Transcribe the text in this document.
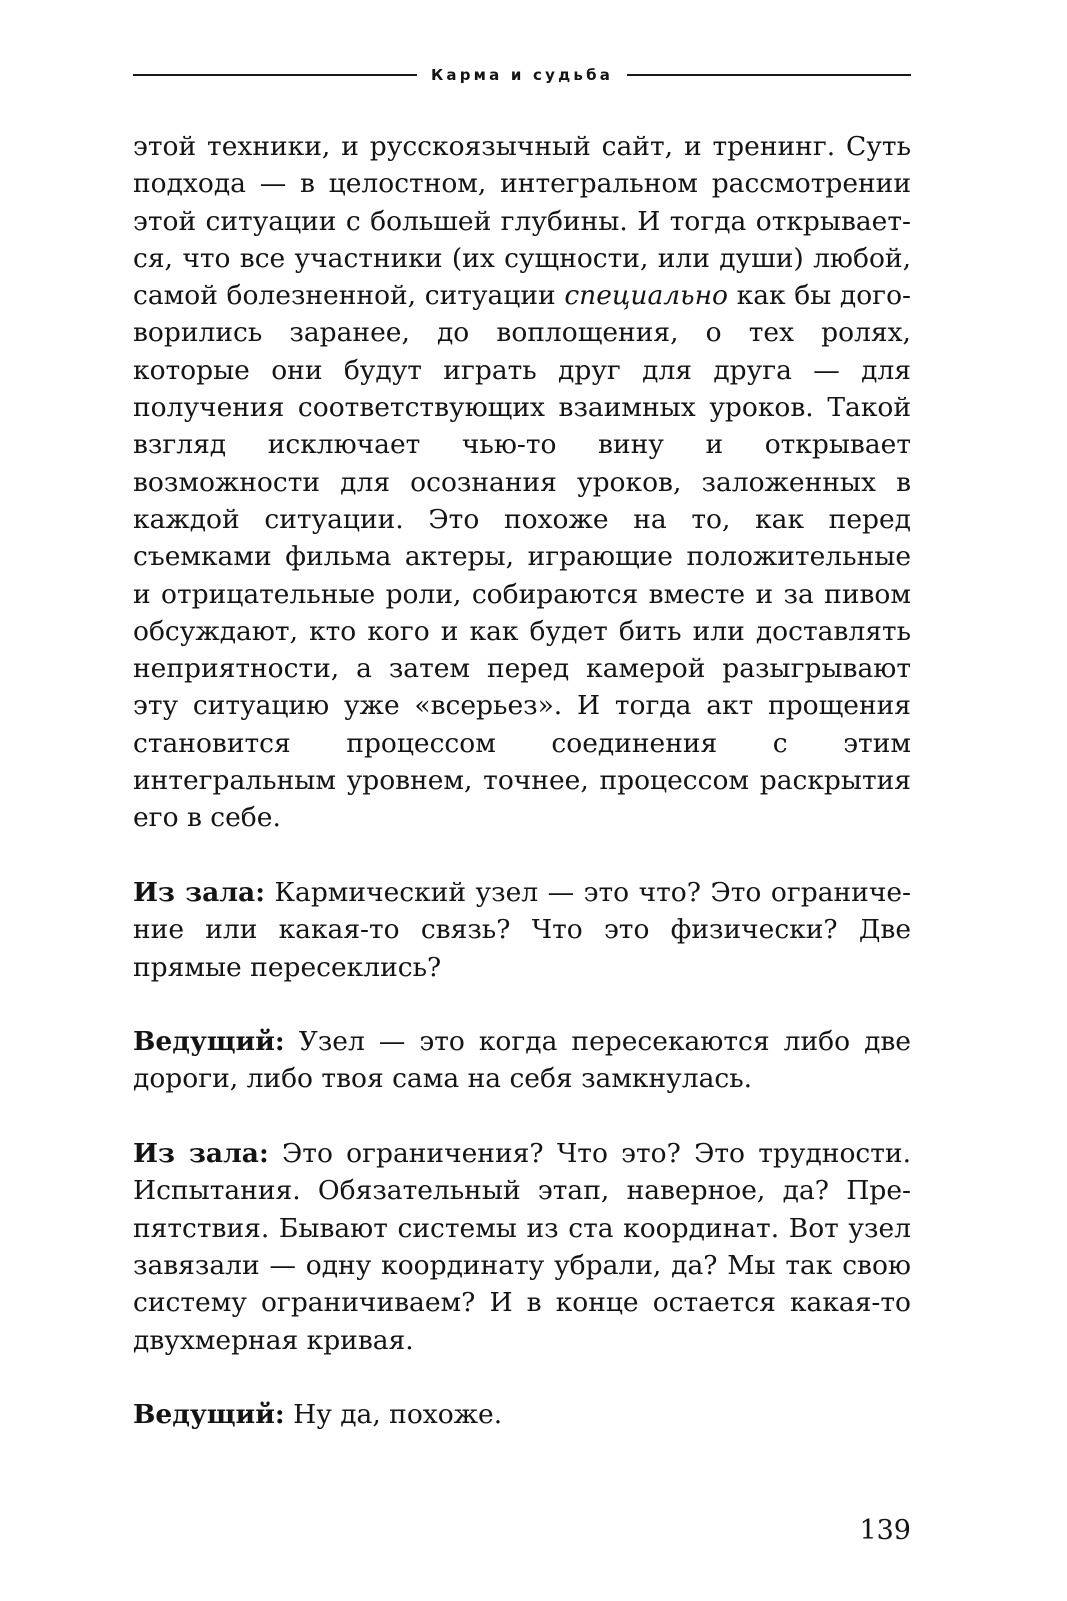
Карма и судьба

этой техники, и русскоязычный сайт, и тренинг. Суть подхода — в целостном, интегральном рассмотрении этой ситуации с большей глубины. И тогда открывается, что все участники (их сущности, или души) любой, самой болезненной, ситуации специально как бы договорились заранее, до воплощения, о тех ролях, которые они будут играть друг для друга — для получения соответствующих взаимных уроков. Такой взгляд исключает чью-то вину и открывает возможности для осознания уроков, заложенных в каждой ситуации. Это похоже на то, как перед съемками фильма актеры, играющие положительные и отрицательные роли, собираются вместе и за пивом обсуждают, кто кого и как будет бить или доставлять неприятности, а затем перед камерой разыгрывают эту ситуацию уже «всерьез». И тогда акт прощения становится процессом соединения с этим интегральным уровнем, точнее, процессом раскрытия его в себе.

Из зала: Кармический узел — это что? Это ограничение или какая-то связь? Что это физически? Две прямые пересеклись?

Ведущий: Узел — это когда пересекаются либо две дороги, либо твоя сама на себя замкнулась.

Из зала: Это ограничения? Что это? Это трудности. Испытания. Обязательный этап, наверное, да? Препятствия. Бывают системы из ста координат. Вот узел завязали — одну координату убрали, да? Мы так свою систему ограничиваем? И в конце остается какая-то двухмерная кривая.

Ведущий: Ну да, похоже.

139
